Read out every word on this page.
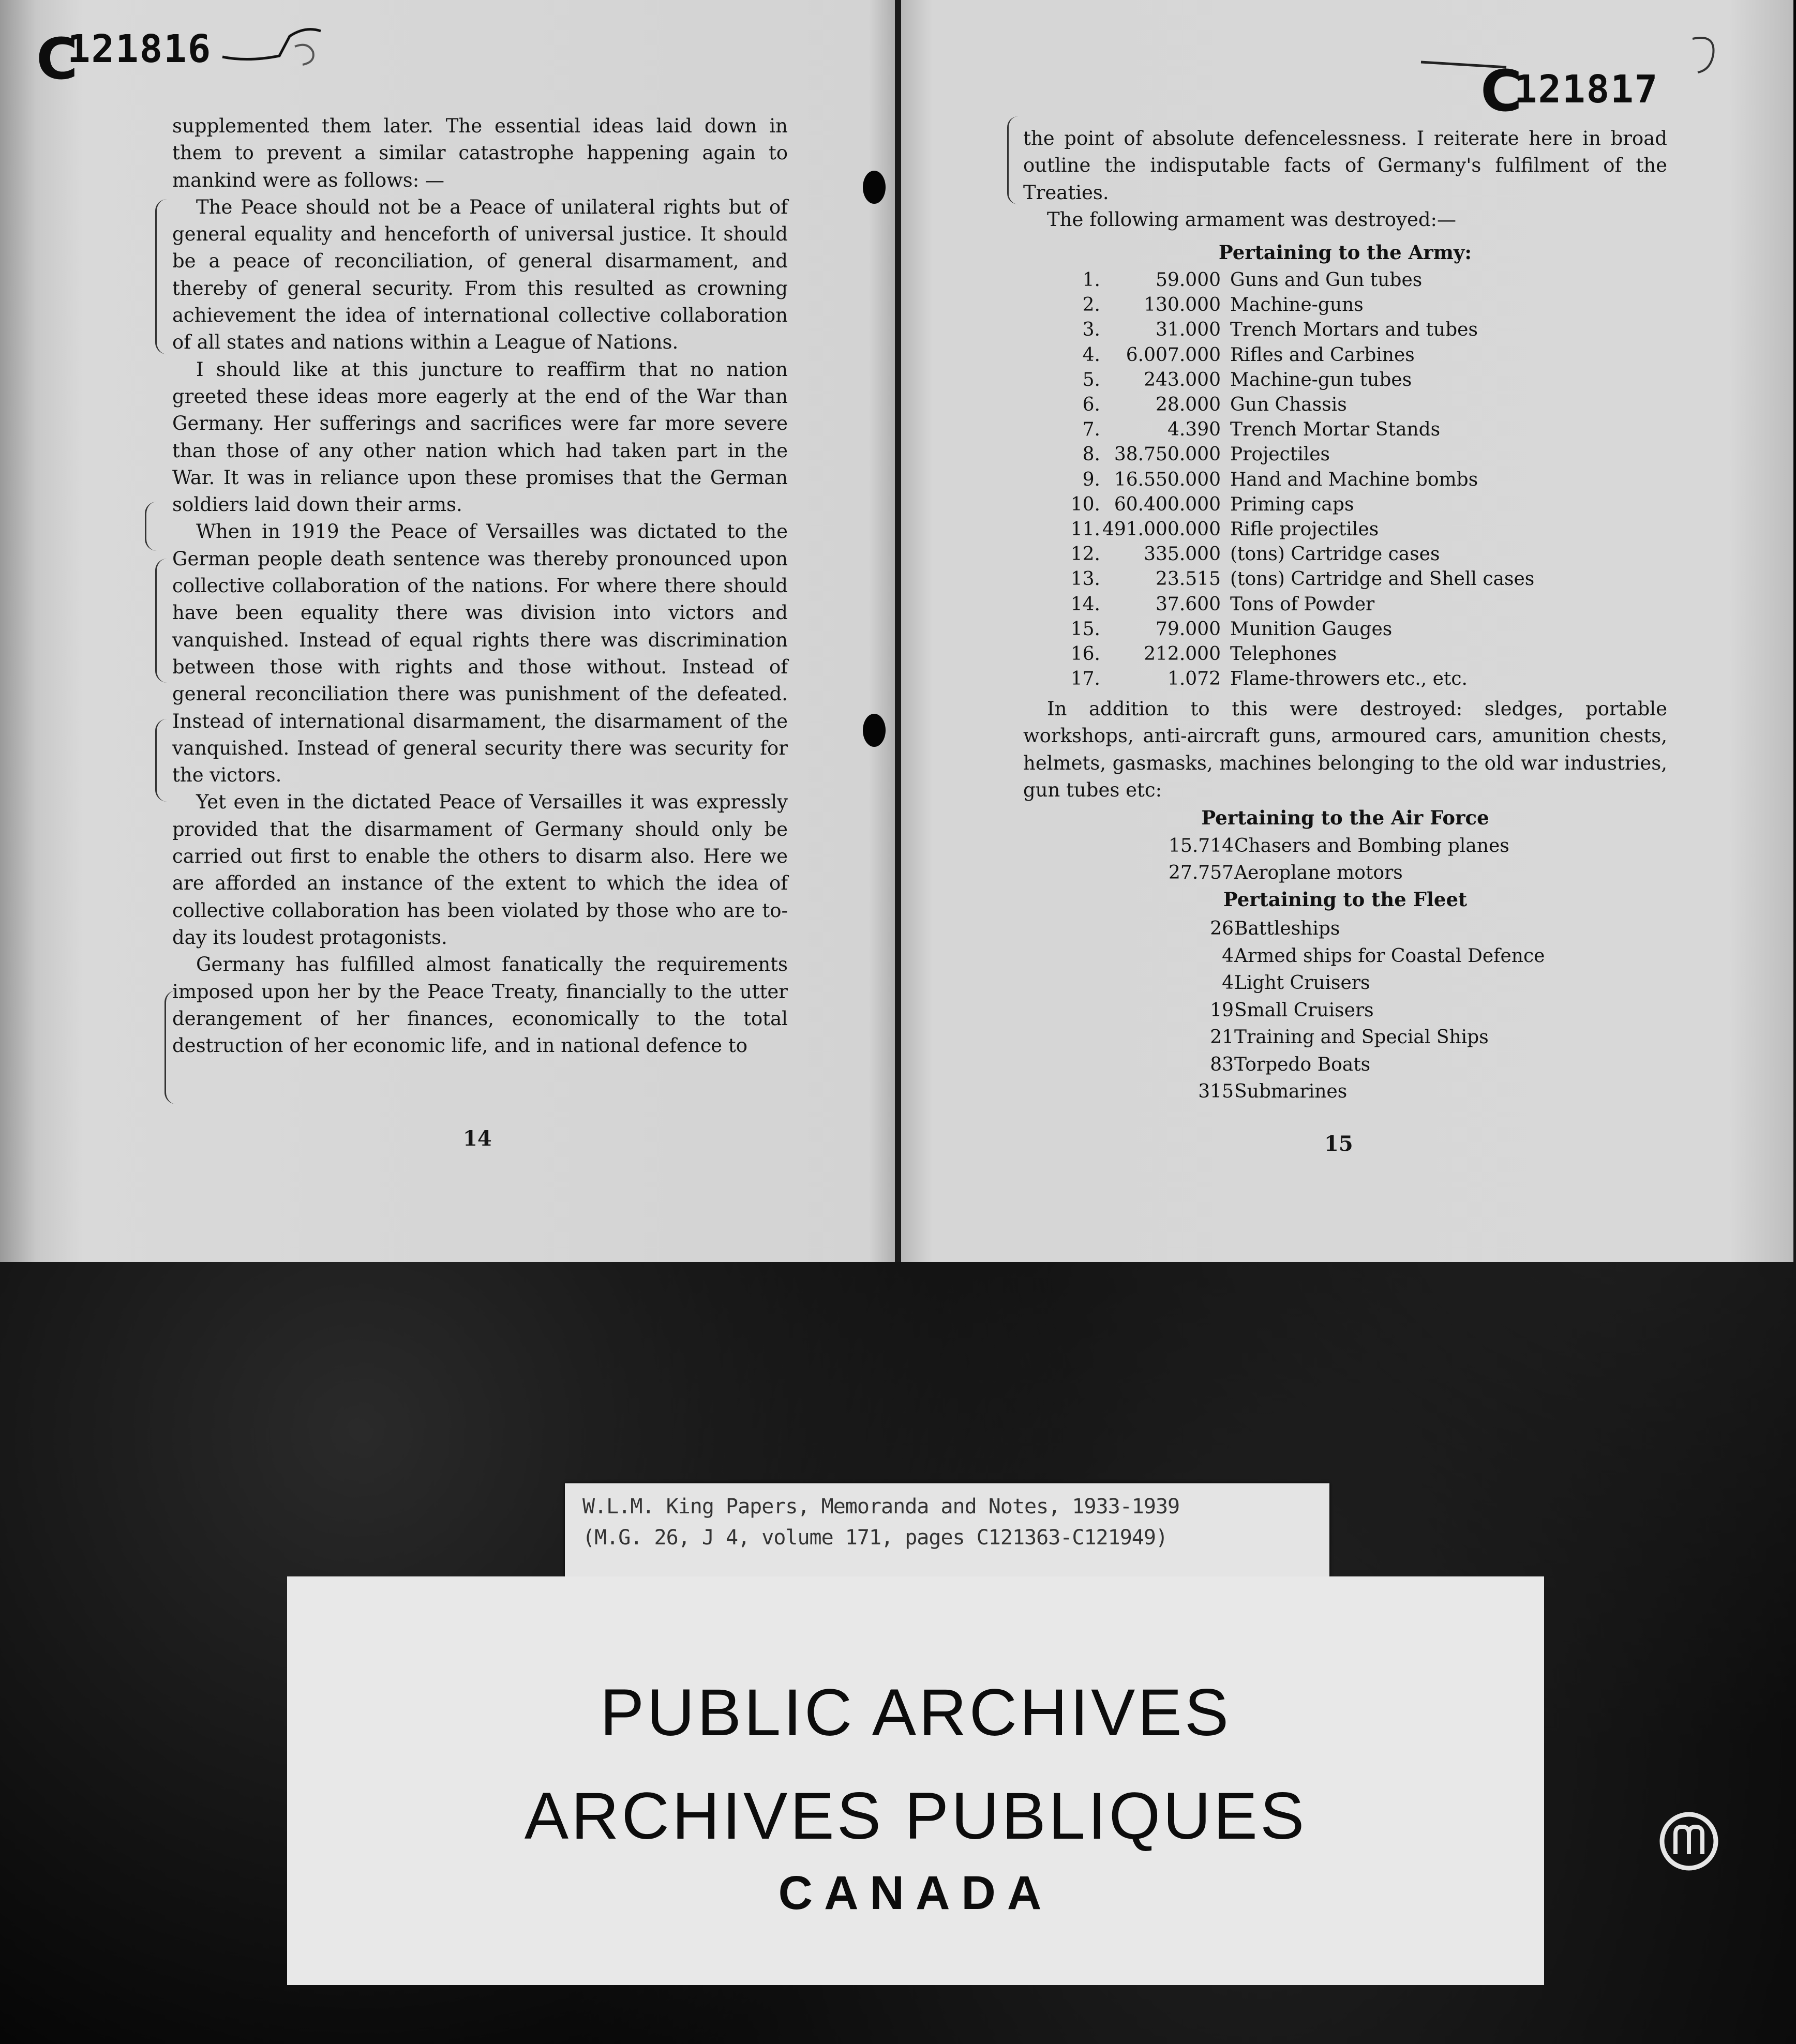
C
121816

supplemented them later. The essential ideas laid down in them to prevent a similar catastrophe happening again to mankind were as follows: —

The Peace should not be a Peace of unilateral rights but of general equality and henceforth of universal justice. It should be a peace of reconciliation, of general disarmament, and thereby of general security. From this resulted as crowning achievement the idea of international collective collaboration of all states and nations within a League of Nations.

I should like at this juncture to reaffirm that no nation greeted these ideas more eagerly at the end of the War than Germany. Her sufferings and sacrifices were far more severe than those of any other nation which had taken part in the War. It was in reliance upon these promises that the German soldiers laid down their arms.

When in 1919 the Peace of Versailles was dictated to the German people death sentence was thereby pronounced upon collective collaboration of the nations. For where there should have been equality there was division into victors and vanquished. Instead of equal rights there was discrimination between those with rights and those without. Instead of general reconciliation there was punishment of the defeated. Instead of international disarmament, the disarmament of the vanquished. Instead of general security there was security for the victors.

Yet even in the dictated Peace of Versailles it was expressly provided that the disarmament of Germany should only be carried out first to enable the others to disarm also. Here we are afforded an instance of the extent to which the idea of collective collaboration has been violated by those who are to-day its loudest protagonists.

Germany has fulfilled almost fanatically the requirements imposed upon her by the Peace Treaty, financially to the utter derangement of her finances, economically to the total destruction of her economic life, and in national defence to

14
C
121817

the point of absolute defencelessness. I reiterate here in broad outline the indisputable facts of Germany's fulfilment of the Treaties.

The following armament was destroyed:—

Pertaining to the Army:
1.	59.000 Guns and Gun tubes
2.	130.000 Machine-guns
3.	31.000 Trench Mortars and tubes
4.	6.007.000 Rifles and Carbines
5.	243.000 Machine-gun tubes
6.	28.000 Gun Chassis
7.	4.390 Trench Mortar Stands
8. 38.750.000 Projectiles
9. 16.550.000 Hand and Machine bombs
10. 60.400.000 Priming caps
11. 491.000.000 Rifle projectiles
12.	335.000 (tons) Cartridge cases
13.	23.515 (tons) Cartridge and Shell cases
14.	37.600 Tons of Powder
15.	79.000 Munition Gauges
16.	212.000 Telephones
17.	1.072 Flame-throwers etc., etc.

In addition to this were destroyed: sledges, portable workshops, anti-aircraft guns, armoured cars, amunition chests, helmets, gasmasks, machines belonging to the old war industries, gun tubes etc:

Pertaining to the Air Force
15.714 Chasers and Bombing planes
27.757 Aeroplane motors
Pertaining to the Fleet
26 Battleships
4 Armed ships for Coastal Defence
4 Light Cruisers
19 Small Cruisers
21 Training and Special Ships
83 Torpedo Boats
315 Submarines
15
W.L.M. King Papers, Memoranda and Notes, 1933-1939
(M.G. 26, J 4, volume 171, pages C121363-C121949)
PUBLIC ARCHIVES
ARCHIVES PUBLIQUES
CANADA
